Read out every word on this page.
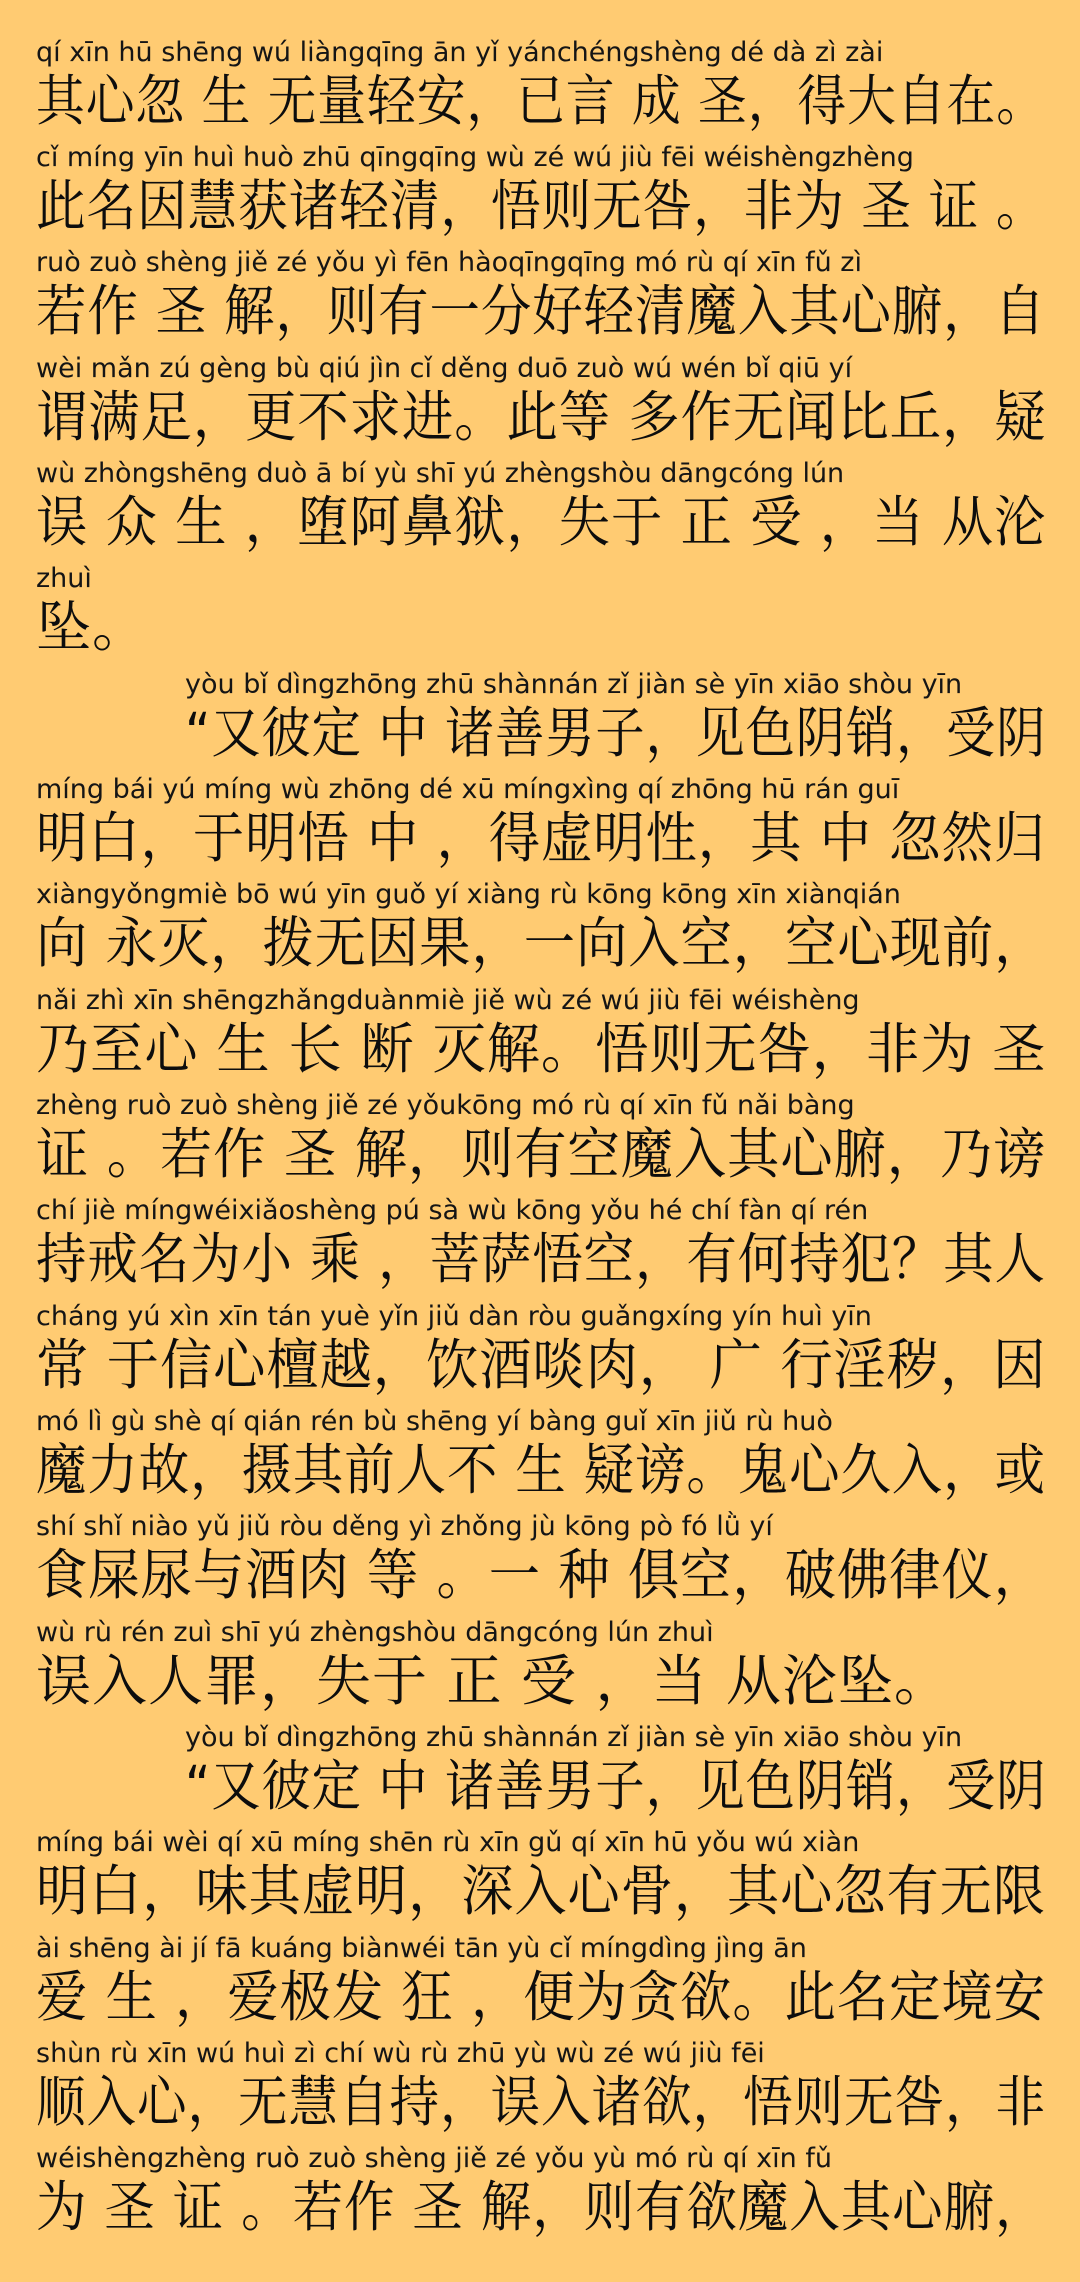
qí xīn hū shēng wú liàngqīng ān yǐ yánchéngshèng dé dà zì zài
其心忽 生 无量轻安，已言 成 圣，得大自在。
cǐ míng yīn huì huò zhū qīngqīng wù zé wú jiù fēi wéishèngzhèng
此名因慧获诸轻清，悟则无咎，非为 圣 证 。
ruò zuò shèng jiě zé yǒu yì fēn hàoqīngqīng mó rù qí xīn fǔ zì
若作 圣 解，则有一分好轻清魔入其心腑，自
wèi mǎn zú gèng bù qiú jìn cǐ děng duō zuò wú wén bǐ qiū yí
谓满足，更不求进。此等 多作无闻比丘，疑
wù zhòngshēng duò ā bí yù shī yú zhèngshòu dāngcóng lún
误 众 生 ，堕阿鼻狱，失于 正 受 ，当 从沦
zhuì
坠。
yòu bǐ dìngzhōng zhū shànnán zǐ jiàn sè yīn xiāo shòu yīn
“又彼定 中 诸善男子，见色阴销，受阴
míng bái yú míng wù zhōng dé xū míngxìng qí zhōng hū rán guī
明白，于明悟 中 ，得虚明性，其 中 忽然归
xiàngyǒngmiè bō wú yīn guǒ yí xiàng rù kōng kōng xīn xiànqián
向 永灭，拨无因果，一向入空，空心现前，
nǎi zhì xīn shēngzhǎngduànmiè jiě wù zé wú jiù fēi wéishèng
乃至心 生 长 断 灭解。悟则无咎，非为 圣
zhèng ruò zuò shèng jiě zé yǒukōng mó rù qí xīn fǔ nǎi bàng
证 。若作 圣 解，则有空魔入其心腑，乃谤
chí jiè míngwéixiǎoshèng pú sà wù kōng yǒu hé chí fàn qí rén
持戒名为小 乘 ，菩萨悟空，有何持犯？其人
cháng yú xìn xīn tán yuè yǐn jiǔ dàn ròu guǎngxíng yín huì yīn
常 于信心檀越，饮酒啖肉， 广 行淫秽，因
mó lì gù shè qí qián rén bù shēng yí bàng guǐ xīn jiǔ rù huò
魔力故，摄其前人不 生 疑谤。鬼心久入，或
shí shǐ niào yǔ jiǔ ròu děng yì zhǒng jù kōng pò fó lǜ yí
食屎尿与酒肉 等 。一 种 俱空，破佛律仪，
wù rù rén zuì shī yú zhèngshòu dāngcóng lún zhuì
误入人罪，失于 正 受 ，当 从沦坠。
yòu bǐ dìngzhōng zhū shànnán zǐ jiàn sè yīn xiāo shòu yīn
“又彼定 中 诸善男子，见色阴销，受阴
míng bái wèi qí xū míng shēn rù xīn gǔ qí xīn hū yǒu wú xiàn
明白，味其虚明，深入心骨，其心忽有无限
ài shēng ài jí fā kuáng biànwéi tān yù cǐ míngdìng jìng ān
爱 生 ，爱极发 狂 ，便为贪欲。此名定境安
shùn rù xīn wú huì zì chí wù rù zhū yù wù zé wú jiù fēi
顺入心，无慧自持，误入诸欲，悟则无咎，非
wéishèngzhèng ruò zuò shèng jiě zé yǒu yù mó rù qí xīn fǔ
为 圣 证 。若作 圣 解，则有欲魔入其心腑，
